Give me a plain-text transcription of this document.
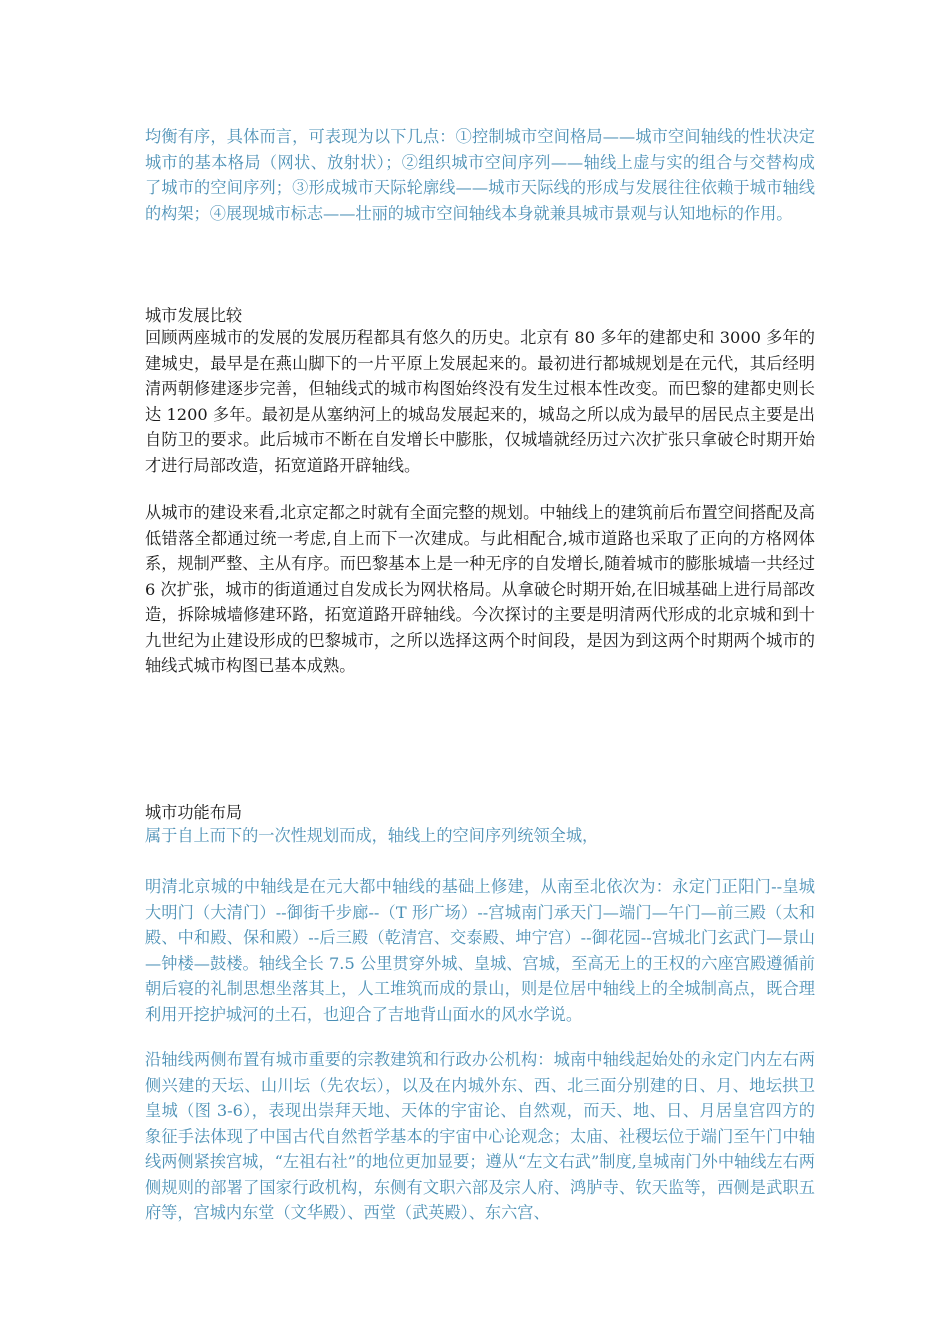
均衡有序，具体而言，可表现为以下几点：①控制城市空间格局——城市空间轴线的性状决定城市的基本格局（网状、放射状）；②组织城市空间序列——轴线上虚与实的组合与交替构成了城市的空间序列；③形成城市天际轮廓线——城市天际线的形成与发展往往依赖于城市轴线的构架；④展现城市标志——壮丽的城市空间轴线本身就兼具城市景观与认知地标的作用。

城市发展比较

回顾两座城市的发展的发展历程都具有悠久的历史。北京有 80 多年的建都史和 3000 多年的建城史，最早是在燕山脚下的一片平原上发展起来的。最初进行都城规划是在元代，其后经明清两朝修建逐步完善，但轴线式的城市构图始终没有发生过根本性改变。而巴黎的建都史则长达 1200 多年。最初是从塞纳河上的城岛发展起来的，城岛之所以成为最早的居民点主要是出自防卫的要求。此后城市不断在自发增长中膨胀，仅城墙就经历过六次扩张只拿破仑时期开始才进行局部改造，拓宽道路开辟轴线。

从城市的建设来看,北京定都之时就有全面完整的规划。中轴线上的建筑前后布置空间搭配及高低错落全都通过统一考虑,自上而下一次建成。与此相配合,城市道路也采取了正向的方格网体系，规制严整、主从有序。而巴黎基本上是一种无序的自发增长,随着城市的膨胀城墙一共经过 6 次扩张，城市的街道通过自发成长为网状格局。从拿破仑时期开始,在旧城基础上进行局部改造，拆除城墙修建环路，拓宽道路开辟轴线。今次探讨的主要是明清两代形成的北京城和到十九世纪为止建设形成的巴黎城市，之所以选择这两个时间段，是因为到这两个时期两个城市的轴线式城市构图已基本成熟。

城市功能布局

属于自上而下的一次性规划而成，轴线上的空间序列统领全城，

明清北京城的中轴线是在元大都中轴线的基础上修建，从南至北依次为：永定门正阳门--皇城大明门（大清门）--御街千步廊--（T 形广场）--宫城南门承天门—端门—午门—前三殿（太和殿、中和殿、保和殿）--后三殿（乾清宫、交泰殿、坤宁宫）--御花园--宫城北门玄武门—景山—钟楼—鼓楼。轴线全长 7.5 公里贯穿外城、皇城、宫城，至高无上的王权的六座宫殿遵循前朝后寝的礼制思想坐落其上，人工堆筑而成的景山，则是位居中轴线上的全城制高点，既合理利用开挖护城河的土石，也迎合了吉地背山面水的风水学说。

沿轴线两侧布置有城市重要的宗教建筑和行政办公机构：城南中轴线起始处的永定门内左右两侧兴建的天坛、山川坛（先农坛），以及在内城外东、西、北三面分别建的日、月、地坛拱卫皇城（图 3-6），表现出崇拜天地、天体的宇宙论、自然观，而天、地、日、月居皇宫四方的象征手法体现了中国古代自然哲学基本的宇宙中心论观念；太庙、社稷坛位于端门至午门中轴线两侧紧挨宫城，“左祖右社”的地位更加显要；遵从“左文右武”制度,皇城南门外中轴线左右两侧规则的部署了国家行政机构，东侧有文职六部及宗人府、鸿胪寺、钦天监等，西侧是武职五府等，宫城内东堂（文华殿）、西堂（武英殿）、东六宫、
